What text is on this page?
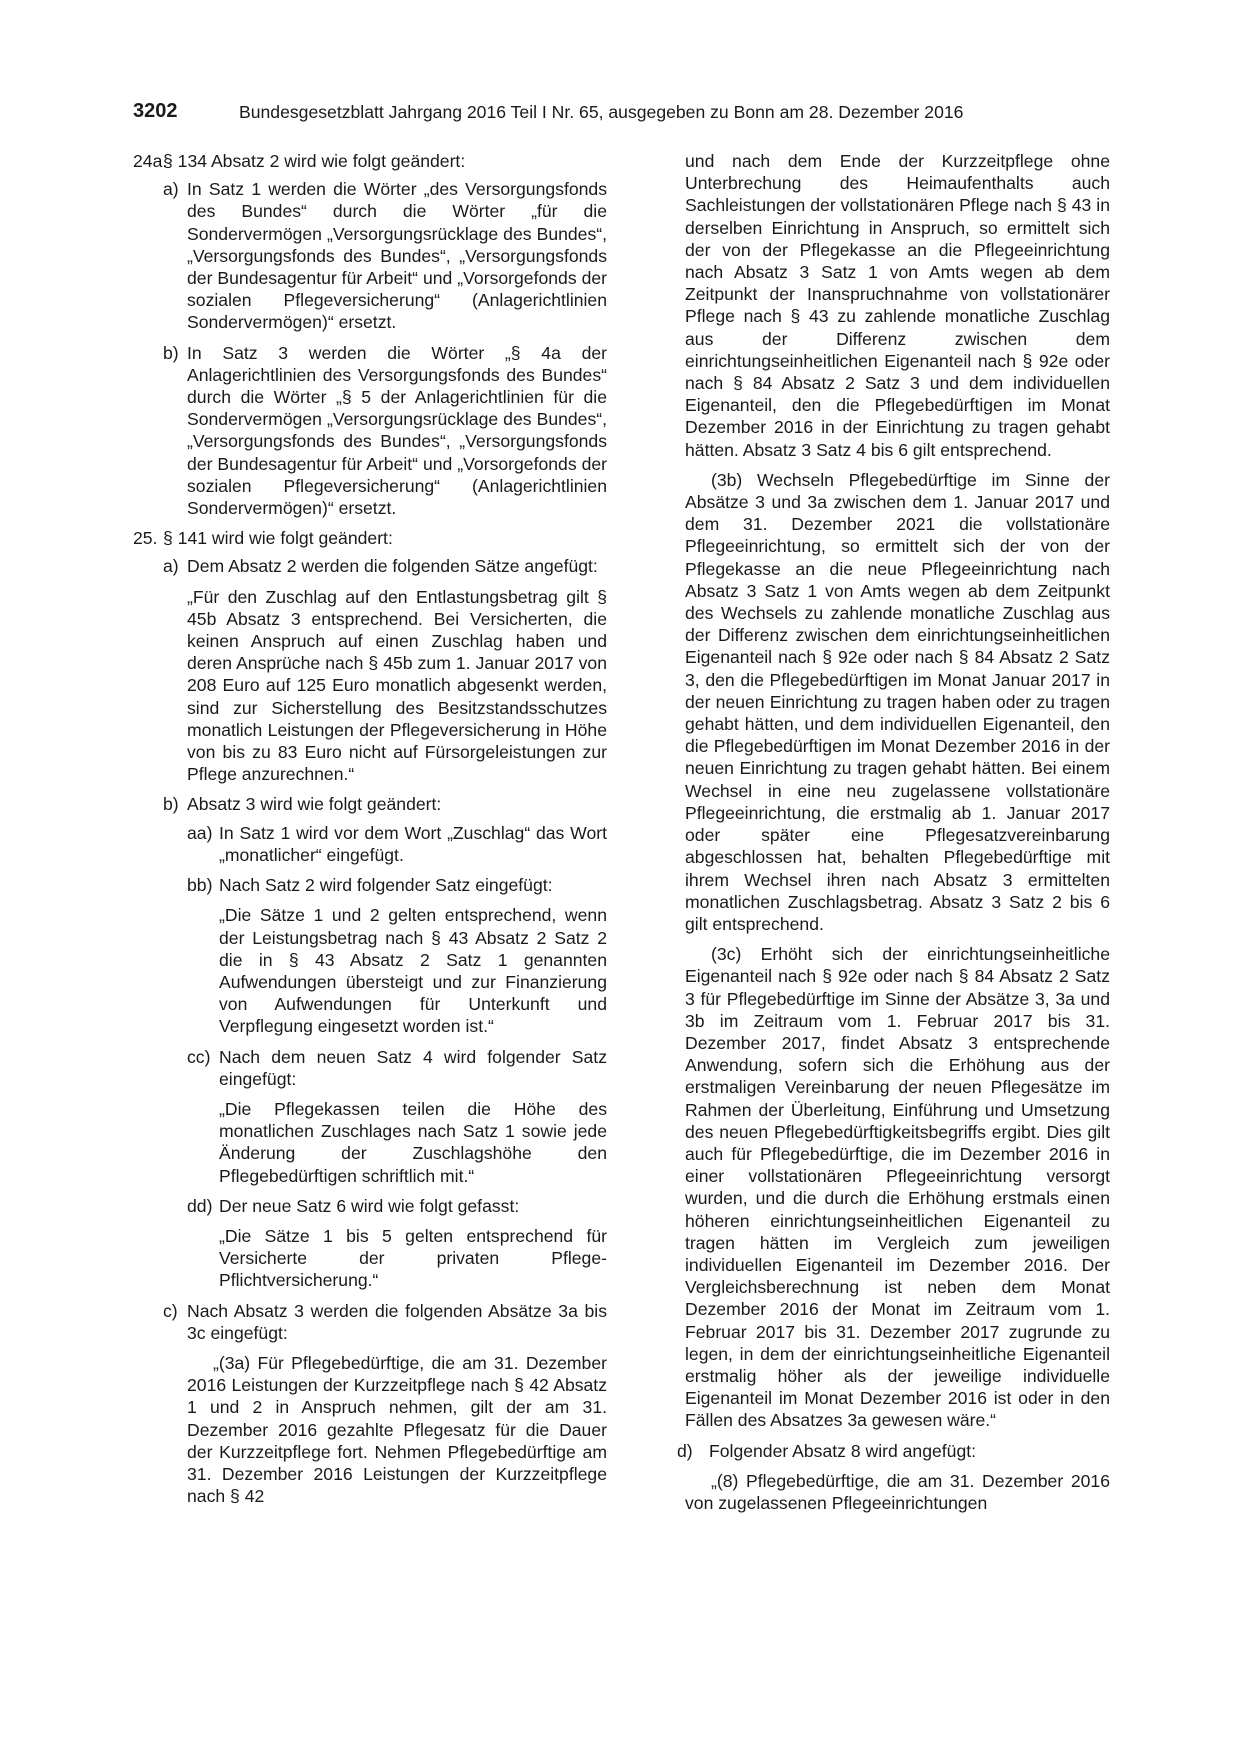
3202	Bundesgesetzblatt Jahrgang 2016 Teil I Nr. 65, ausgegeben zu Bonn am 28. Dezember 2016
24a.

§ 134 Absatz 2 wird wie folgt geändert:

a) In Satz 1 werden die Wörter „des Versorgungsfonds des Bundes“ durch die Wörter „für die Sondervermögen „Versorgungsrücklage des Bundes“, „Versorgungsfonds des Bundes“, „Versorgungsfonds der Bundesagentur für Arbeit“ und „Vorsorgefonds der sozialen Pflegeversicherung“ (Anlagerichtlinien Sondervermögen)“ ersetzt.

b) In Satz 3 werden die Wörter „§ 4a der Anlagerichtlinien des Versorgungsfonds des Bundes“ durch die Wörter „§ 5 der Anlagerichtlinien für die Sondervermögen „Versorgungsrücklage des Bundes“, „Versorgungsfonds des Bundes“, „Versorgungsfonds der Bundesagentur für Arbeit“ und „Vorsorgefonds der sozialen Pflegeversicherung“ (Anlagerichtlinien Sondervermögen)“ ersetzt.

25. § 141 wird wie folgt geändert:

a) Dem Absatz 2 werden die folgenden Sätze angefügt:

„Für den Zuschlag auf den Entlastungsbetrag gilt § 45b Absatz 3 entsprechend. Bei Versicherten, die keinen Anspruch auf einen Zuschlag haben und deren Ansprüche nach § 45b zum 1. Januar 2017 von 208 Euro auf 125 Euro monatlich abgesenkt werden, sind zur Sicherstellung des Besitzstandsschutzes monatlich Leistungen der Pflegeversicherung in Höhe von bis zu 83 Euro nicht auf Fürsorgeleistungen zur Pflege anzurechnen.“

b) Absatz 3 wird wie folgt geändert:

aa) In Satz 1 wird vor dem Wort „Zuschlag“ das Wort „monatlicher“ eingefügt.

bb) Nach Satz 2 wird folgender Satz eingefügt:

„Die Sätze 1 und 2 gelten entsprechend, wenn der Leistungsbetrag nach § 43 Absatz 2 Satz 2 die in § 43 Absatz 2 Satz 1 genannten Aufwendungen übersteigt und zur Finanzierung von Aufwendungen für Unterkunft und Verpflegung eingesetzt worden ist.“

cc) Nach dem neuen Satz 4 wird folgender Satz eingefügt:

„Die Pflegekassen teilen die Höhe des monatlichen Zuschlages nach Satz 1 sowie jede Änderung der Zuschlagshöhe den Pflegebedürftigen schriftlich mit.“

dd) Der neue Satz 6 wird wie folgt gefasst:

„Die Sätze 1 bis 5 gelten entsprechend für Versicherte der privaten Pflege-Pflichtversicherung.“

c) Nach Absatz 3 werden die folgenden Absätze 3a bis 3c eingefügt:

„(3a) Für Pflegebedürftige, die am 31. Dezember 2016 Leistungen der Kurzzeitpflege nach § 42 Absatz 1 und 2 in Anspruch nehmen, gilt der am 31. Dezember 2016 gezahlte Pflegesatz für die Dauer der Kurzzeitpflege fort. Nehmen Pflegebedürftige am 31. Dezember 2016 Leistungen der Kurzzeitpflege nach § 42

und nach dem Ende der Kurzzeitpflege ohne Unterbrechung des Heimaufenthalts auch Sachleistungen der vollstationären Pflege nach § 43 in derselben Einrichtung in Anspruch, so ermittelt sich der von der Pflegekasse an die Pflegeeinrichtung nach Absatz 3 Satz 1 von Amts wegen ab dem Zeitpunkt der Inanspruchnahme von vollstationärer Pflege nach § 43 zu zahlende monatliche Zuschlag aus der Differenz zwischen dem einrichtungseinheitlichen Eigenanteil nach § 92e oder nach § 84 Absatz 2 Satz 3 und dem individuellen Eigenanteil, den die Pflegebedürftigen im Monat Dezember 2016 in der Einrichtung zu tragen gehabt hätten. Absatz 3 Satz 4 bis 6 gilt entsprechend.

(3b) Wechseln Pflegebedürftige im Sinne der Absätze 3 und 3a zwischen dem 1. Januar 2017 und dem 31. Dezember 2021 die vollstationäre Pflegeeinrichtung, so ermittelt sich der von der Pflegekasse an die neue Pflegeeinrichtung nach Absatz 3 Satz 1 von Amts wegen ab dem Zeitpunkt des Wechsels zu zahlende monatliche Zuschlag aus der Differenz zwischen dem einrichtungseinheitlichen Eigenanteil nach § 92e oder nach § 84 Absatz 2 Satz 3, den die Pflegebedürftigen im Monat Januar 2017 in der neuen Einrichtung zu tragen haben oder zu tragen gehabt hätten, und dem individuellen Eigenanteil, den die Pflegebedürftigen im Monat Dezember 2016 in der neuen Einrichtung zu tragen gehabt hätten. Bei einem Wechsel in eine neu zugelassene vollstationäre Pflegeeinrichtung, die erstmalig ab 1. Januar 2017 oder später eine Pflegesatzvereinbarung abgeschlossen hat, behalten Pflegebedürftige mit ihrem Wechsel ihren nach Absatz 3 ermittelten monatlichen Zuschlagsbetrag. Absatz 3 Satz 2 bis 6 gilt entsprechend.

(3c) Erhöht sich der einrichtungseinheitliche Eigenanteil nach § 92e oder nach § 84 Absatz 2 Satz 3 für Pflegebedürftige im Sinne der Absätze 3, 3a und 3b im Zeitraum vom 1. Februar 2017 bis 31. Dezember 2017, findet Absatz 3 entsprechende Anwendung, sofern sich die Erhöhung aus der erstmaligen Vereinbarung der neuen Pflegesätze im Rahmen der Überleitung, Einführung und Umsetzung des neuen Pflegebedürftigkeitsbegriffs ergibt. Dies gilt auch für Pflegebedürftige, die im Dezember 2016 in einer vollstationären Pflegeeinrichtung versorgt wurden, und die durch die Erhöhung erstmals einen höheren einrichtungseinheitlichen Eigenanteil zu tragen hätten im Vergleich zum jeweiligen individuellen Eigenanteil im Dezember 2016. Der Vergleichsberechnung ist neben dem Monat Dezember 2016 der Monat im Zeitraum vom 1. Februar 2017 bis 31. Dezember 2017 zugrunde zu legen, in dem der einrichtungseinheitliche Eigenanteil erstmalig höher als der jeweilige individuelle Eigenanteil im Monat Dezember 2016 ist oder in den Fällen des Absatzes 3a gewesen wäre.“

d) Folgender Absatz 8 wird angefügt:

„(8) Pflegebedürftige, die am 31. Dezember 2016 von zugelassenen Pflegeeinrichtungen
